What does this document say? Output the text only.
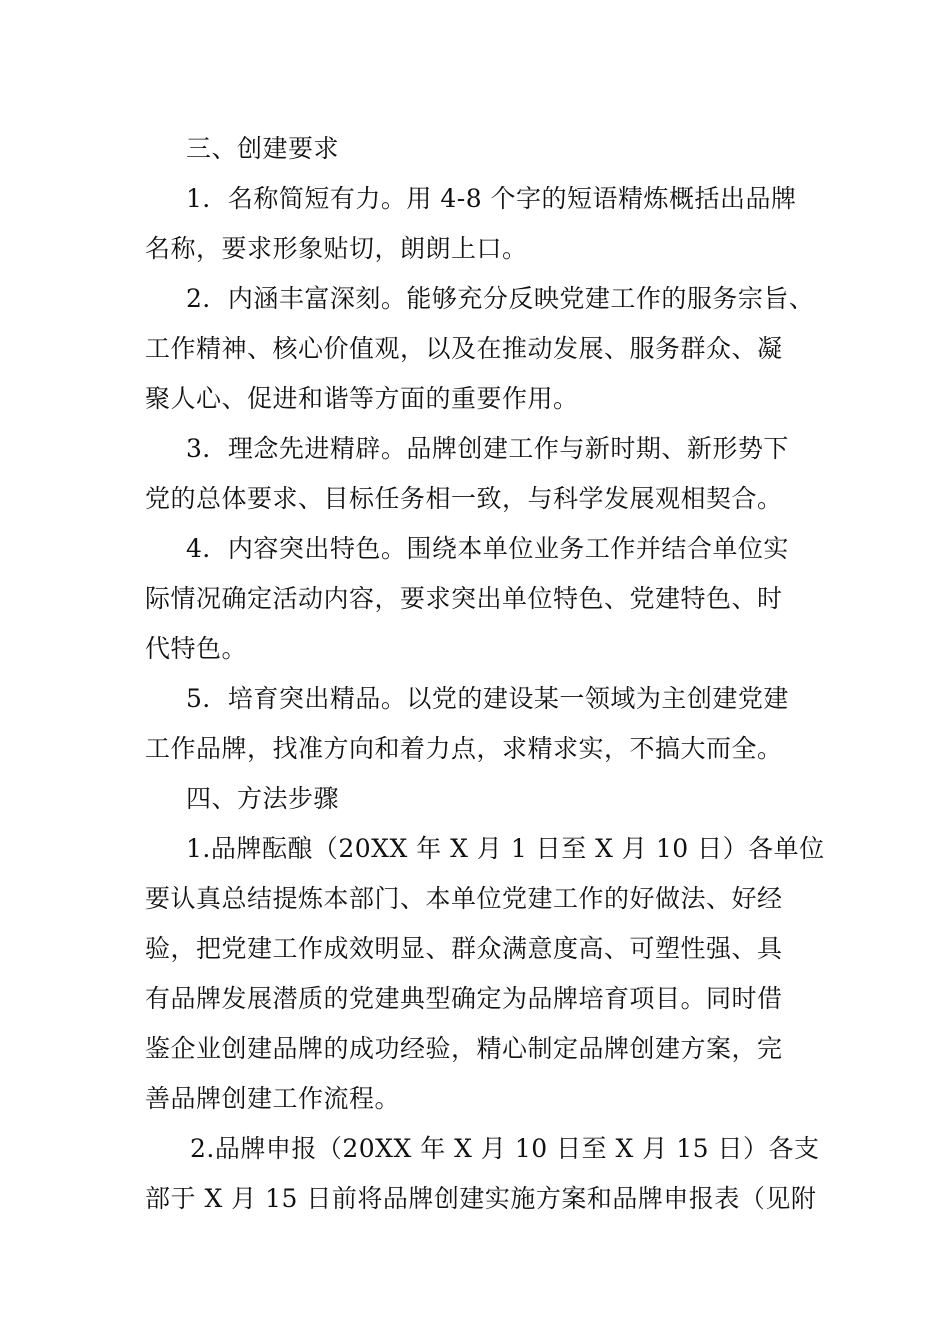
三、创建要求
1．名称简短有力。用 4-8 个字的短语精炼概括出品牌
名称，要求形象贴切，朗朗上口。
2．内涵丰富深刻。能够充分反映党建工作的服务宗旨、
工作精神、核心价值观，以及在推动发展、服务群众、凝
聚人心、促进和谐等方面的重要作用。
3．理念先进精辟。品牌创建工作与新时期、新形势下
党的总体要求、目标任务相一致，与科学发展观相契合。
4．内容突出特色。围绕本单位业务工作并结合单位实
际情况确定活动内容，要求突出单位特色、党建特色、时
代特色。
5．培育突出精品。以党的建设某一领域为主创建党建
工作品牌，找准方向和着力点，求精求实，不搞大而全。
四、方法步骤
1.品牌酝酿（20XX 年 X 月 1 日至 X 月 10 日）各单位
要认真总结提炼本部门、本单位党建工作的好做法、好经
验，把党建工作成效明显、群众满意度高、可塑性强、具
有品牌发展潜质的党建典型确定为品牌培育项目。同时借
鉴企业创建品牌的成功经验，精心制定品牌创建方案，完
善品牌创建工作流程。
2.品牌申报（20XX 年 X 月 10 日至 X 月 15 日）各支
部于 X 月 15 日前将品牌创建实施方案和品牌申报表（见附
